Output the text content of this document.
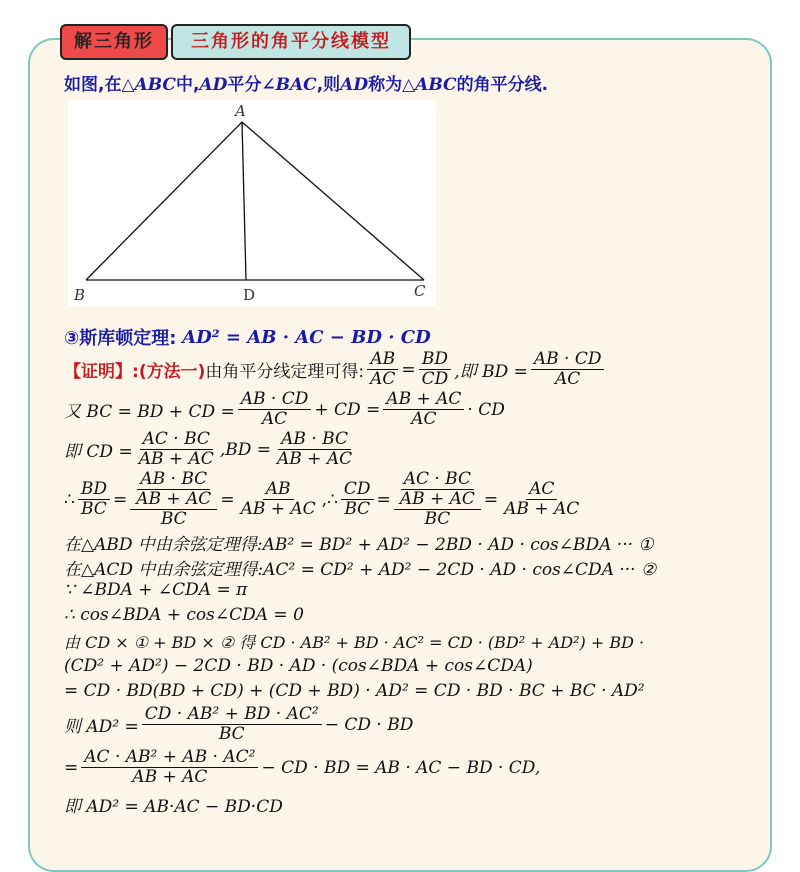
解三角形	三角形的角平分线模型
如图,在△ABC中,AD平分∠BAC,则AD称为△ABC的角平分线.
A
B	C
D
③斯库顿定理:
AD² = AB · AC − BD · CD
【证明】: (方法一) 由角平分线定理可得: $\frac{AB}{AC} = \frac{BD}{CD}$ ,即 BD = $\frac{AB \cdot CD}{AC}$
又 BC = BD + CD = $\frac{AB \cdot CD}{AC}$ + CD = $\frac{AB + AC}{AC}$ · CD
即 CD = $\frac{AC \cdot BC}{AB + AC} ,BD = \frac{AB \cdot BC}{AB + AC}$
∴ $\frac{BD}{BC} = \frac{\frac{AB \cdot BC}{AB + AC}}{BC} = \frac{AB}{AB + AC}$ ,∴ $\frac{CD}{BC} = \frac{\frac{AC \cdot BC}{AB + AC}}{BC} = \frac{AC}{AB + AC}$
在△ABD 中由余弦定理得:AB² = BD² + AD² − 2BD · AD · cos∠BDA ··· ①
在△ACD 中由余弦定理得:AC² = CD² + AD² − 2CD · AD · cos∠CDA ··· ②
∵ ∠BDA + ∠CDA = π
∴ cos∠BDA + cos∠CDA = 0
由 CD × ① + BD × ② 得 CD · AB² + BD · AC² = CD · (BD² + AD²) + BD ·
(CD² + AD²) − 2CD · BD · AD · (cos∠BDA + cos∠CDA)
= CD · BD(BD + CD) + (CD + BD) · AD² = CD · BD · BC + BC · AD²
则 $AD^2 = \frac{\text{CD · AB² + BD · AC²}}{BC}$ − CD · BD
= $\frac{\text{AC · AB² + AB · AC²}}{AB + AC}$ − CD · BD = AB · AC − BD · CD,
即 AD² = AB·AC − BD·CD
